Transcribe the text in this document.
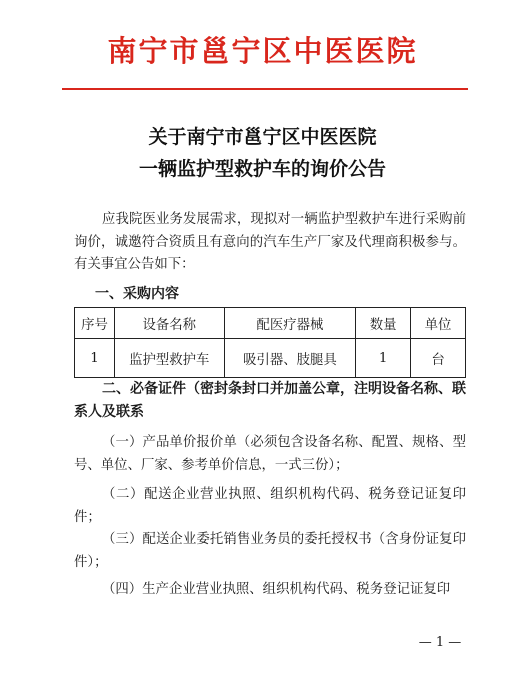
南宁市邕宁区中医医院
关于南宁市邕宁区中医医院
一辆监护型救护车的询价公告
应我院医业务发展需求，现拟对一辆监护型救护车进行采购前询价，诚邀符合资质且有意向的汽车生产厂家及代理商积极参与。有关事宜公告如下：
一、采购内容
序号	设备名称	配医疗器械	数量	单位
1	监护型救护车	吸引器、肢腿具	1	台
二、必备证件（密封条封口并加盖公章，注明设备名称、联系人及联系
（一）产品单价报价单（必须包含设备名称、配置、规格、型号、单位、厂家、参考单价信息，一式三份）；
（二）配送企业营业执照、组织机构代码、税务登记证复印件；
（三）配送企业委托销售业务员的委托授权书（含身份证复印件）；
（四）生产企业营业执照、组织机构代码、税务登记证复印
— 1 —
